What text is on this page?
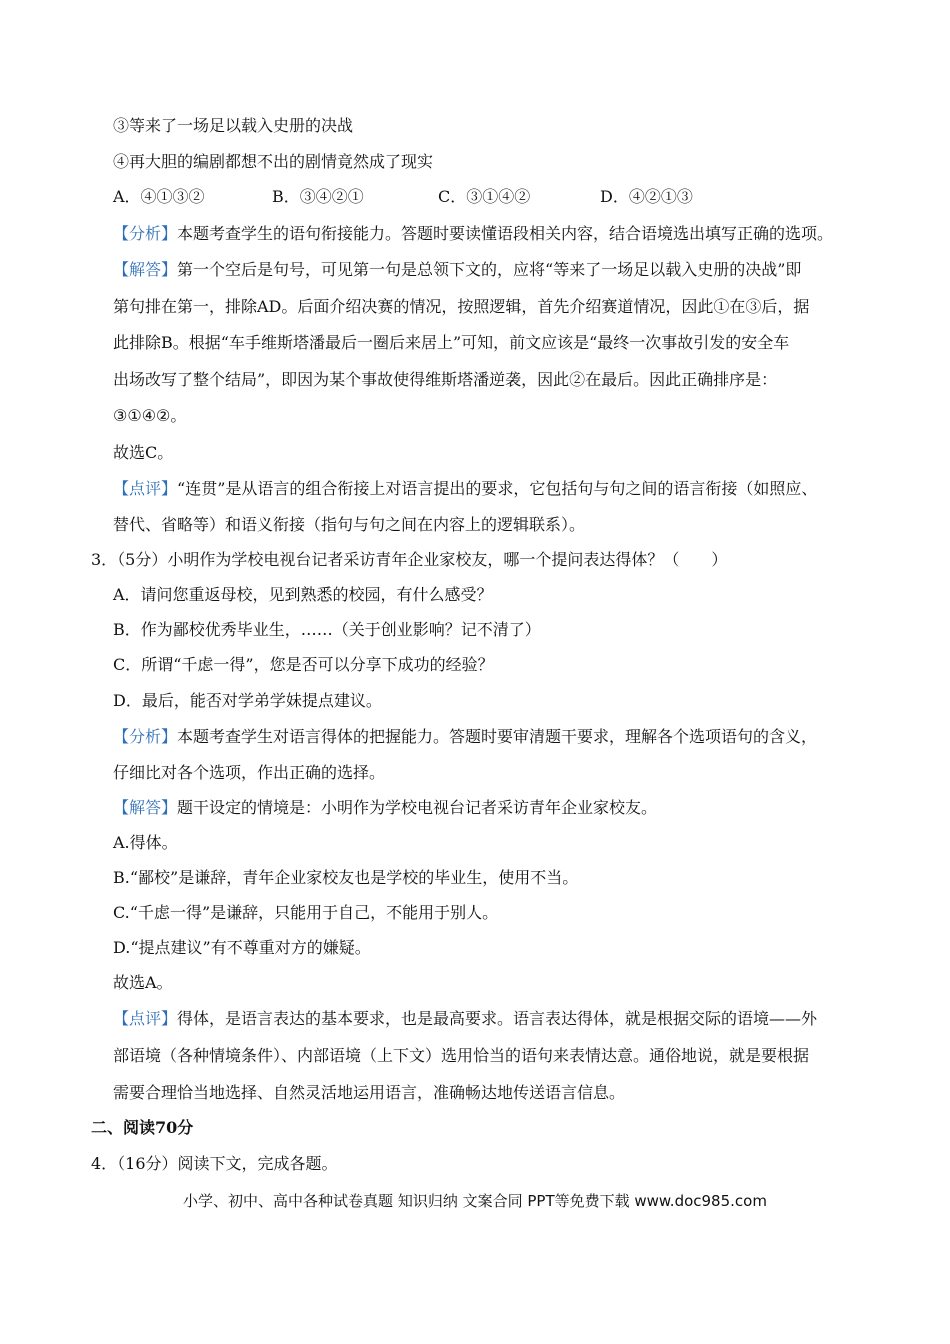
③等来了一场足以载入史册的决战
④再大胆的编剧都想不出的剧情竟然成了现实
A．④①③②	B．③④②①	C．③①④②	D．④②①③
【分析】本题考查学生的语句衔接能力。答题时要读懂语段相关内容，结合语境选出填写正确的选项。
【解答】第一个空后是句号，可见第一句是总领下文的，应将“等来了一场足以载入史册的决战”即
第句排在第一，排除AD。后面介绍决赛的情况，按照逻辑，首先介绍赛道情况，因此①在③后，据
此排除B。根据“车手维斯塔潘最后一圈后来居上”可知，前文应该是“最终一次事故引发的安全车
出场改写了整个结局”，即因为某个事故使得维斯塔潘逆袭，因此②在最后。因此正确排序是：
③①④②。
故选C。
【点评】“连贯”是从语言的组合衔接上对语言提出的要求，它包括句与句之间的语言衔接（如照应、
替代、省略等）和语义衔接（指句与句之间在内容上的逻辑联系）。
3．（5分）小明作为学校电视台记者采访青年企业家校友，哪一个提问表达得体？（　　）
A．请问您重返母校，见到熟悉的校园，有什么感受？
B．作为鄙校优秀毕业生，……（关于创业影响？记不清了）
C．所谓“千虑一得”，您是否可以分享下成功的经验？
D．最后，能否对学弟学妹提点建议。
【分析】本题考查学生对语言得体的把握能力。答题时要审清题干要求，理解各个选项语句的含义，
仔细比对各个选项，作出正确的选择。
【解答】题干设定的情境是：小明作为学校电视台记者采访青年企业家校友。
A.得体。
B.“鄙校”是谦辞，青年企业家校友也是学校的毕业生，使用不当。
C.“千虑一得”是谦辞，只能用于自己，不能用于别人。
D.“提点建议”有不尊重对方的嫌疑。
故选A。
【点评】得体，是语言表达的基本要求，也是最高要求。语言表达得体，就是根据交际的语境——外
部语境（各种情境条件）、内部语境（上下文）选用恰当的语句来表情达意。通俗地说，就是要根据
需要合理恰当地选择、自然灵活地运用语言，准确畅达地传送语言信息。
二、阅读70分
4．（16分）阅读下文，完成各题。
小学、初中、高中各种试卷真题 知识归纳 文案合同 PPT等免费下载 www.doc985.com
